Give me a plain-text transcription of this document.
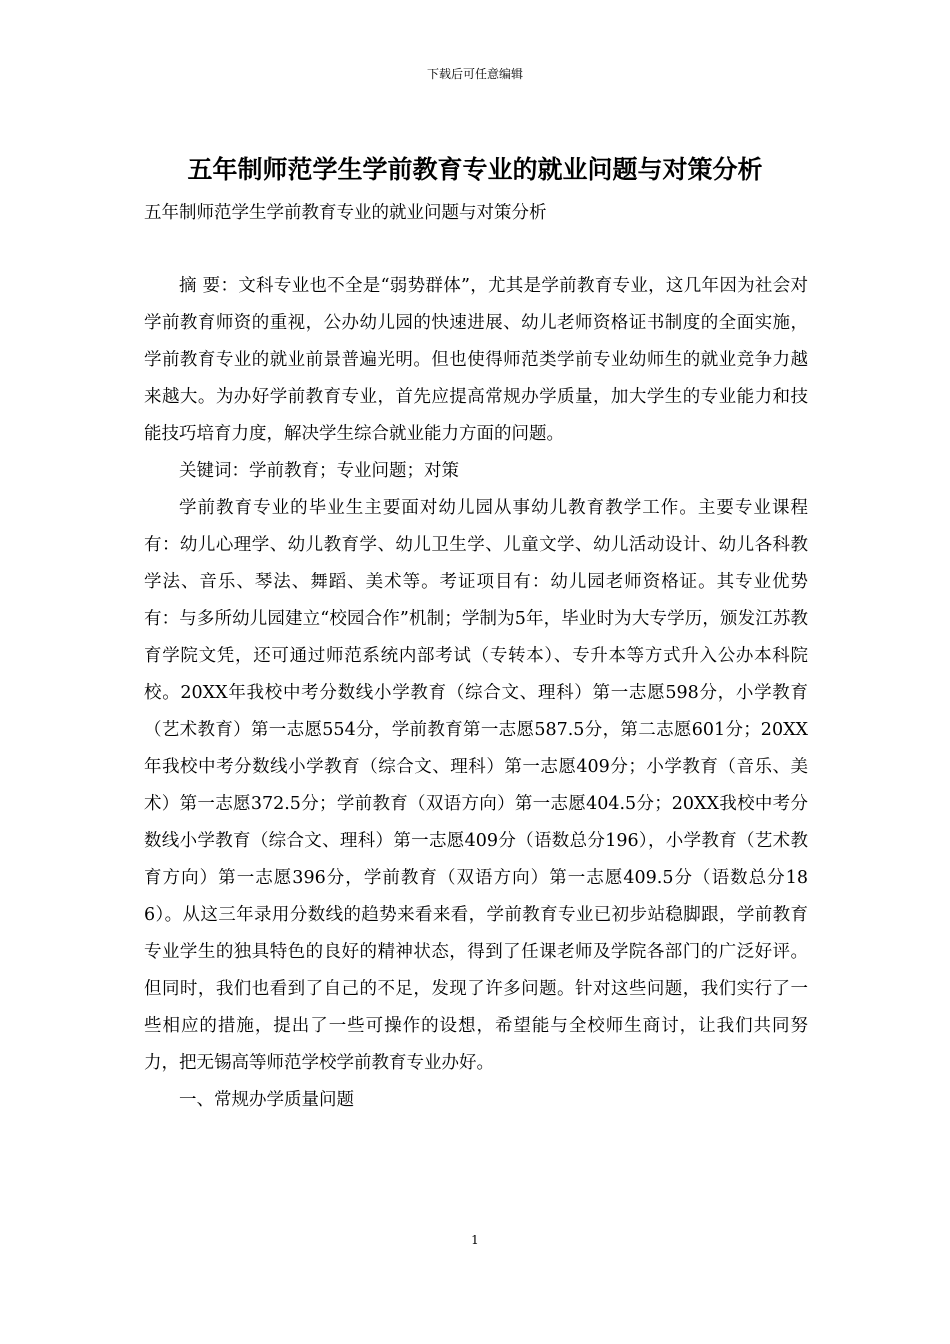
下载后可任意编辑
五年制师范学生学前教育专业的就业问题与对策分析
五年制师范学生学前教育专业的就业问题与对策分析

摘 要：文科专业也不全是“弱势群体”，尤其是学前教育专业，这几年因为社会对学前教育师资的重视，公办幼儿园的快速进展、幼儿老师资格证书制度的全面实施，学前教育专业的就业前景普遍光明。但也使得师范类学前专业幼师生的就业竞争力越来越大。为办好学前教育专业，首先应提高常规办学质量，加大学生的专业能力和技能技巧培育力度，解决学生综合就业能力方面的问题。

关键词：学前教育；专业问题；对策

学前教育专业的毕业生主要面对幼儿园从事幼儿教育教学工作。主要专业课程有：幼儿心理学、幼儿教育学、幼儿卫生学、儿童文学、幼儿活动设计、幼儿各科教学法、音乐、琴法、舞蹈、美术等。考证项目有：幼儿园老师资格证。其专业优势有：与多所幼儿园建立“校园合作”机制；学制为5年，毕业时为大专学历，颁发江苏教育学院文凭，还可通过师范系统内部考试（专转本）、专升本等方式升入公办本科院校。20XX年我校中考分数线小学教育（综合文、理科）第一志愿598分，小学教育（艺术教育）第一志愿554分，学前教育第一志愿587.5分，第二志愿601分；20XX年我校中考分数线小学教育（综合文、理科）第一志愿409分；小学教育（音乐、美术）第一志愿372.5分；学前教育（双语方向）第一志愿404.5分；20XX我校中考分数线小学教育（综合文、理科）第一志愿409分（语数总分196），小学教育（艺术教育方向）第一志愿396分，学前教育（双语方向）第一志愿409.5分（语数总分186）。从这三年录用分数线的趋势来看来看，学前教育专业已初步站稳脚跟，学前教育专业学生的独具特色的良好的精神状态，得到了任课老师及学院各部门的广泛好评。但同时，我们也看到了自己的不足，发现了许多问题。针对这些问题，我们实行了一些相应的措施，提出了一些可操作的设想，希望能与全校师生商讨，让我们共同努力，把无锡高等师范学校学前教育专业办好。

一、常规办学质量问题

1
